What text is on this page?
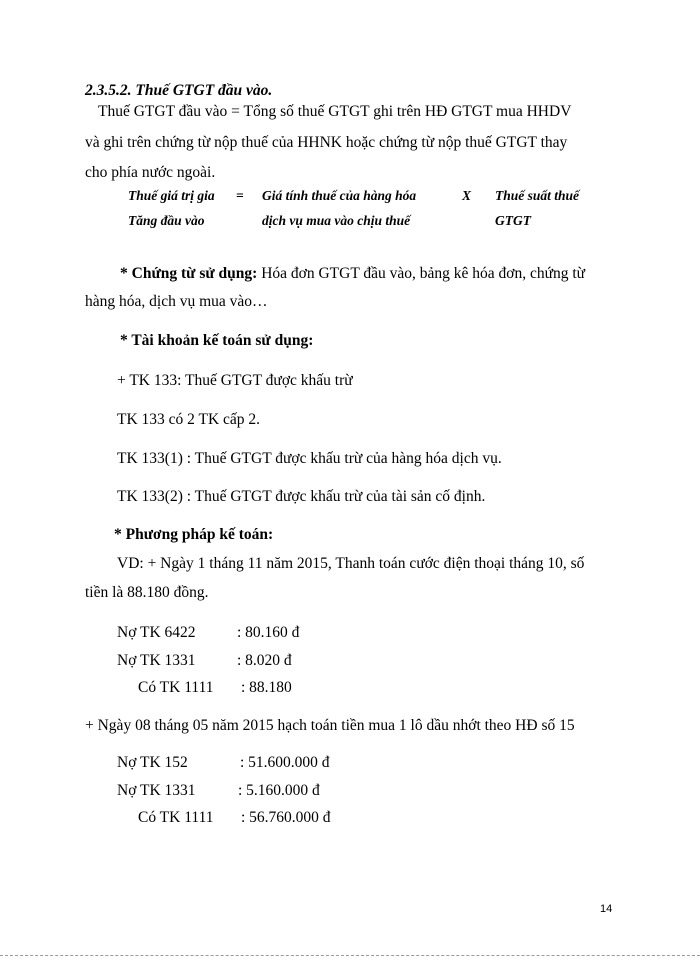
2.3.5.2. Thuế GTGT đầu vào.
Thuế GTGT đầu vào = Tổng số thuế GTGT ghi trên HĐ GTGT mua HHDV
và ghi trên chứng từ nộp thuế của HHNK hoặc chứng từ nộp thuế GTGT thay
cho phía nước ngoài.
Thuế giá trị gia = Giá tính thuế của hàng hóa	X Thuế suất thuế
Tăng đầu vào	dịch vụ mua vào chịu thuế	GTGT
* Chứng từ sử dụng: Hóa đơn GTGT đầu vào, bảng kê hóa đơn, chứng từ
hàng hóa, dịch vụ mua vào…
* Tài khoản kế toán sử dụng:
+ TK 133: Thuế GTGT được khấu trừ
TK 133 có 2 TK cấp 2.
TK 133(1) : Thuế GTGT được khấu trừ của hàng hóa dịch vụ.
TK 133(2) : Thuế GTGT được khấu trừ của tài sản cố định.
* Phương pháp kế toán:
VD: + Ngày 1 tháng 11 năm 2015, Thanh toán cước điện thoại tháng 10, số
tiền là 88.180 đồng.
Nợ TK 6422	: 80.160 đ
Nợ TK 1331	: 8.020 đ
Có TK 1111 : 88.180
+ Ngày 08 tháng 05 năm 2015 hạch toán tiền mua 1 lô dầu nhớt theo HĐ số 15
Nợ TK 152	: 51.600.000 đ
Nợ TK 1331	: 5.160.000 đ
Có TK 1111 : 56.760.000 đ
14
